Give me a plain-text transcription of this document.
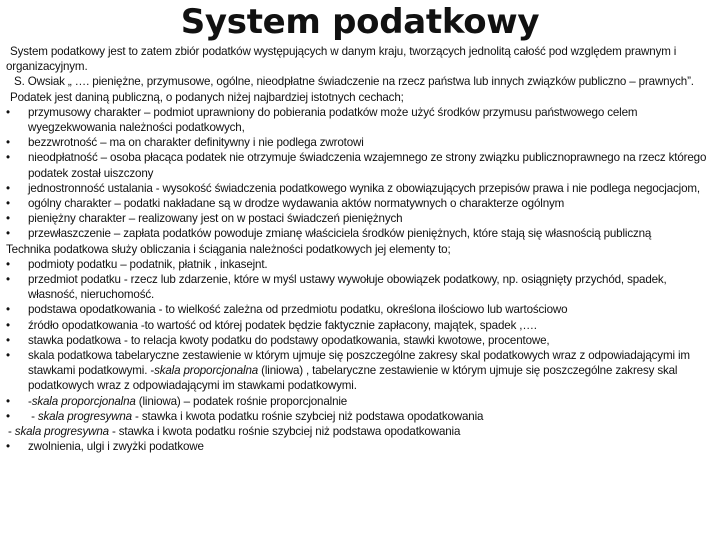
System podatkowy

System podatkowy jest to zatem zbiór podatków występujących w danym kraju, tworzących jednolitą całość pod względem prawnym i organizacyjnym.

S. Owsiak „ …. pieniężne, przymusowe, ogólne, nieodpłatne świadczenie na rzecz państwa lub innych związków publiczno – prawnych”.

Podatek jest daniną publiczną, o podanych niżej najbardziej istotnych cechach;

•	przymusowy charakter – podmiot uprawniony do pobierania podatków może użyć środków przymusu państwowego celem wyegzekwowania należności podatkowych,
•	bezzwrotność – ma on charakter definitywny i nie podlega zwrotowi
•	nieodpłatność – osoba płacąca podatek nie otrzymuje świadczenia wzajemnego ze strony związku publicznoprawnego na rzecz którego podatek został uiszczony
•	jednostronność ustalania - wysokość świadczenia podatkowego wynika z obowiązujących przepisów prawa i nie podlega negocjacjom,
•	ogólny charakter – podatki nakładane są w drodze wydawania aktów normatywnych o charakterze ogólnym
•	pieniężny charakter – realizowany jest on w postaci świadczeń pieniężnych
•	przewłaszczenie – zapłata podatków powoduje zmianę właściciela środków pieniężnych, które stają się własnością publiczną

Technika podatkowa służy obliczania i ściągania należności podatkowych jej elementy to;

•	podmioty podatku – podatnik, płatnik , inkasejnt.
•	przedmiot podatku - rzecz lub zdarzenie, które w myśl ustawy wywołuje obowiązek podatkowy, np. osiągnięty przychód, spadek, własność, nieruchomość.
•	podstawa opodatkowania - to wielkość zależna od przedmiotu podatku, określona ilościowo lub wartościowo
•	źródło opodatkowania -to wartość od której podatek będzie faktycznie zapłacony, majątek, spadek ,….
•	stawka podatkowa - to relacja kwoty podatku do podstawy opodatkowania, stawki kwotowe, procentowe,
•	skala podatkowa tabelaryczne zestawienie w którym ujmuje się poszczególne zakresy skal podatkowych wraz z odpowiadającymi im stawkami podatkowymi. -skala proporcjonalna (liniowa) , tabelaryczne zestawienie w którym ujmuje się poszczególne zakresy skal podatkowych wraz z odpowiadającymi im stawkami podatkowymi.
•	-skala proporcjonalna (liniowa) – podatek rośnie proporcjonalnie
•	- skala progresywna - stawka i kwota podatku rośnie szybciej niż podstawa opodatkowania

- skala progresywna - stawka i kwota podatku rośnie szybciej niż podstawa opodatkowania

•	zwolnienia, ulgi i zwyżki podatkowe
